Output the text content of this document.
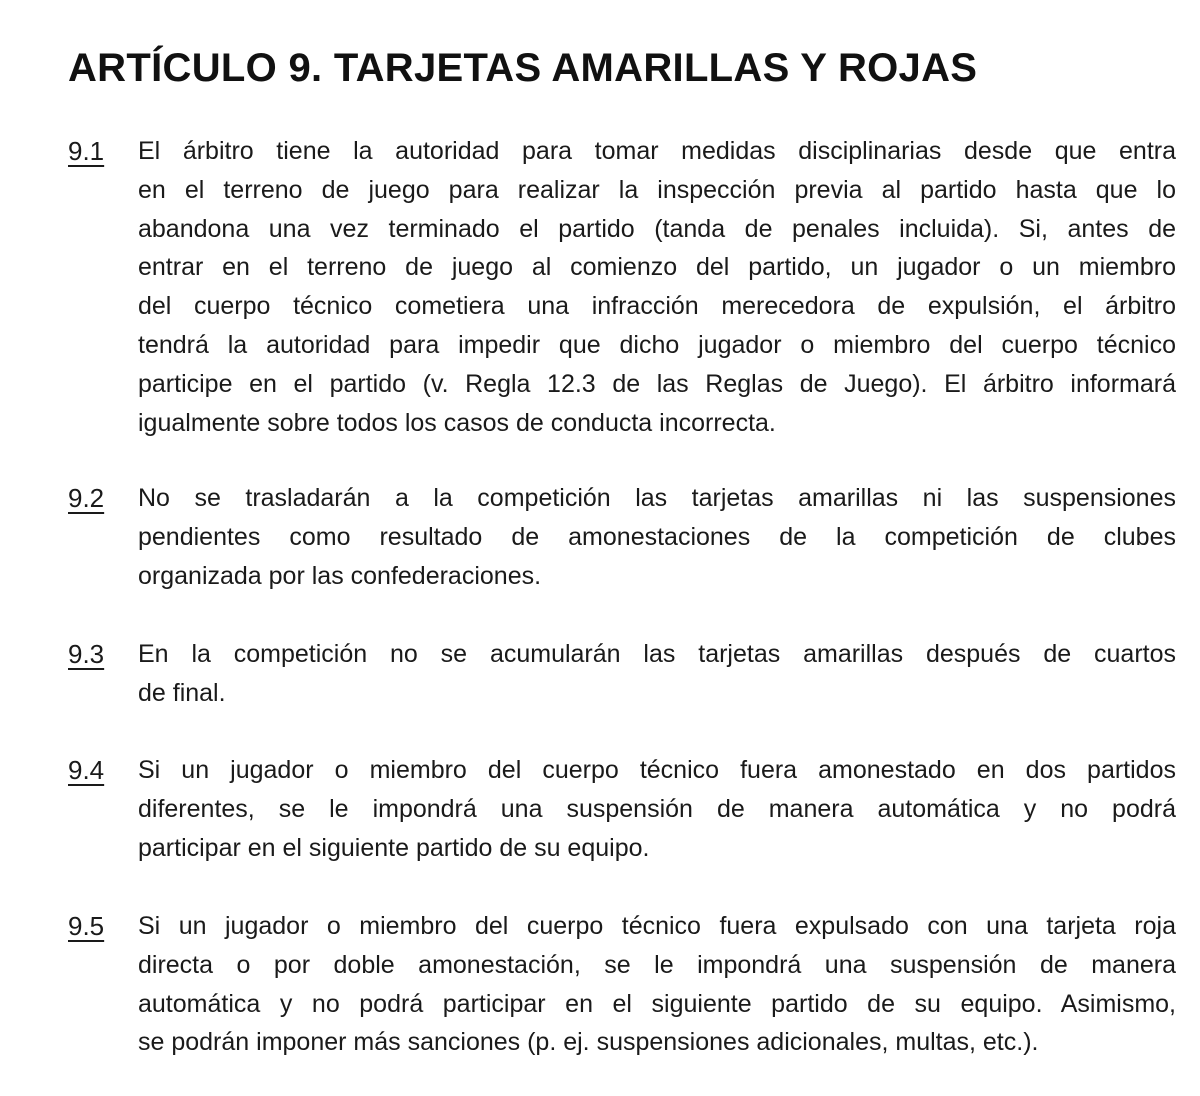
ARTÍCULO 9. TARJETAS AMARILLAS Y ROJAS
9.1 El árbitro tiene la autoridad para tomar medidas disciplinarias desde que entra
en el terreno de juego para realizar la inspección previa al partido hasta que lo
abandona una vez terminado el partido (tanda de penales incluida). Si, antes de
entrar en el terreno de juego al comienzo del partido, un jugador o un miembro
del cuerpo técnico cometiera una infracción merecedora de expulsión, el árbitro
tendrá la autoridad para impedir que dicho jugador o miembro del cuerpo técnico
participe en el partido (v. Regla 12.3 de las Reglas de Juego). El árbitro informará
igualmente sobre todos los casos de conducta incorrecta.
9.2 No se trasladarán a la competición las tarjetas amarillas ni las suspensiones
pendientes como resultado de amonestaciones de la competición de clubes
organizada por las confederaciones.
9.3 En la competición no se acumularán las tarjetas amarillas después de cuartos
de final.
9.4 Si un jugador o miembro del cuerpo técnico fuera amonestado en dos partidos
diferentes, se le impondrá una suspensión de manera automática y no podrá
participar en el siguiente partido de su equipo.
9.5 Si un jugador o miembro del cuerpo técnico fuera expulsado con una tarjeta roja
directa o por doble amonestación, se le impondrá una suspensión de manera
automática y no podrá participar en el siguiente partido de su equipo. Asimismo,
se podrán imponer más sanciones (p. ej. suspensiones adicionales, multas, etc.).
